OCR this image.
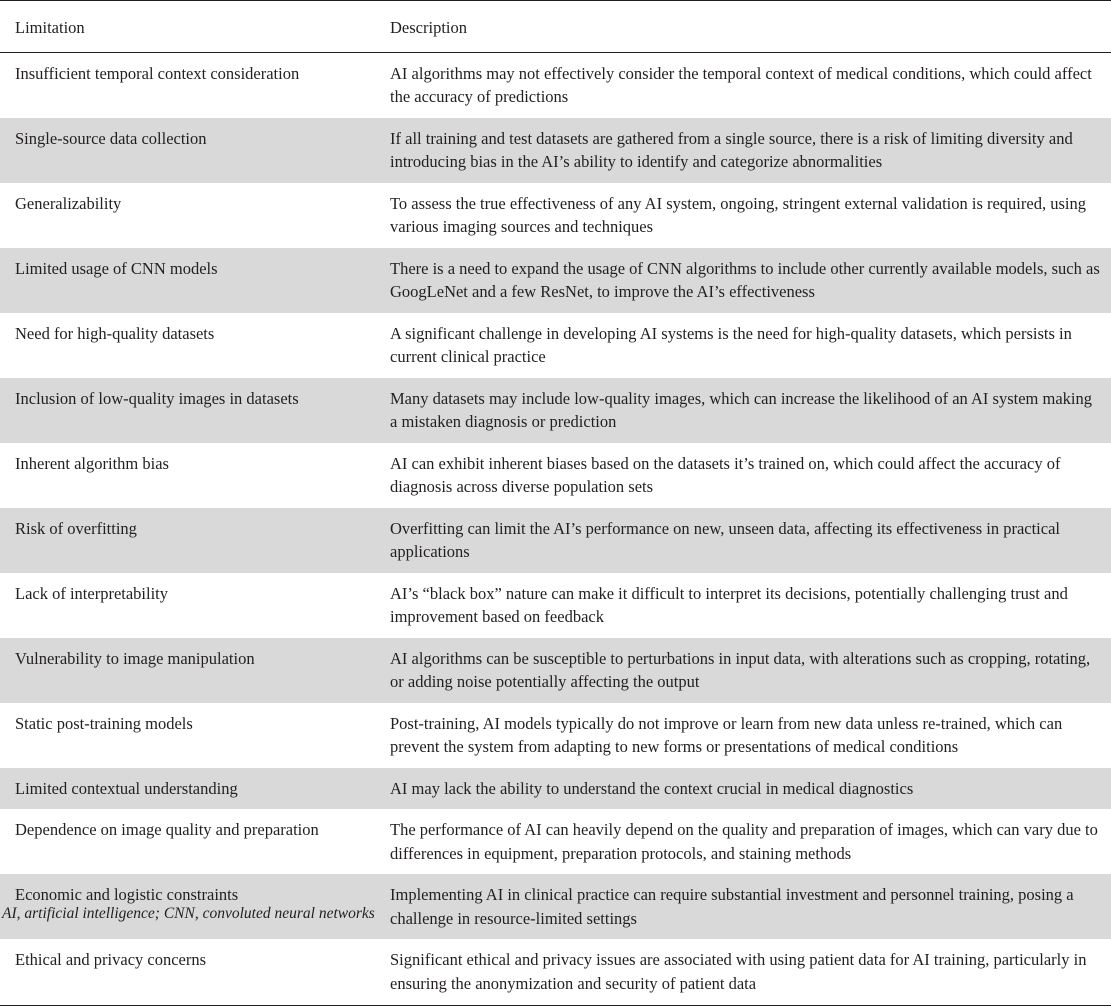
Limitation	Description
Insufficient temporal context consideration	AI algorithms may not effectively consider the temporal context of medical conditions, which could affect the accuracy of predictions
Single-source data collection	If all training and test datasets are gathered from a single source, there is a risk of limiting diversity and introducing bias in the AI’s ability to identify and categorize abnormalities
Generalizability	To assess the true effectiveness of any AI system, ongoing, stringent external validation is required, using various imaging sources and techniques
Limited usage of CNN models	There is a need to expand the usage of CNN algorithms to include other currently available models, such as GoogLeNet and a few ResNet, to improve the AI’s effectiveness
Need for high-quality datasets	A significant challenge in developing AI systems is the need for high-quality datasets, which persists in current clinical practice
Inclusion of low-quality images in datasets	Many datasets may include low-quality images, which can increase the likelihood of an AI system making a mistaken diagnosis or prediction
Inherent algorithm bias	AI can exhibit inherent biases based on the datasets it’s trained on, which could affect the accuracy of diagnosis across diverse population sets
Risk of overfitting	Overfitting can limit the AI’s performance on new, unseen data, affecting its effectiveness in practical applications
Lack of interpretability	AI’s “black box” nature can make it difficult to interpret its decisions, potentially challenging trust and improvement based on feedback
Vulnerability to image manipulation	AI algorithms can be susceptible to perturbations in input data, with alterations such as cropping, rotating, or adding noise potentially affecting the output
Static post-training models	Post-training, AI models typically do not improve or learn from new data unless re-trained, which can prevent the system from adapting to new forms or presentations of medical conditions
Limited contextual understanding	AI may lack the ability to understand the context crucial in medical diagnostics
Dependence on image quality and preparation	The performance of AI can heavily depend on the quality and preparation of images, which can vary due to differences in equipment, preparation protocols, and staining methods
Economic and logistic constraints	Implementing AI in clinical practice can require substantial investment and personnel training, posing a challenge in resource-limited settings
Ethical and privacy concerns	Significant ethical and privacy issues are associated with using patient data for AI training, particularly in ensuring the anonymization and security of patient data
AI, artificial intelligence; CNN, convoluted neural networks
